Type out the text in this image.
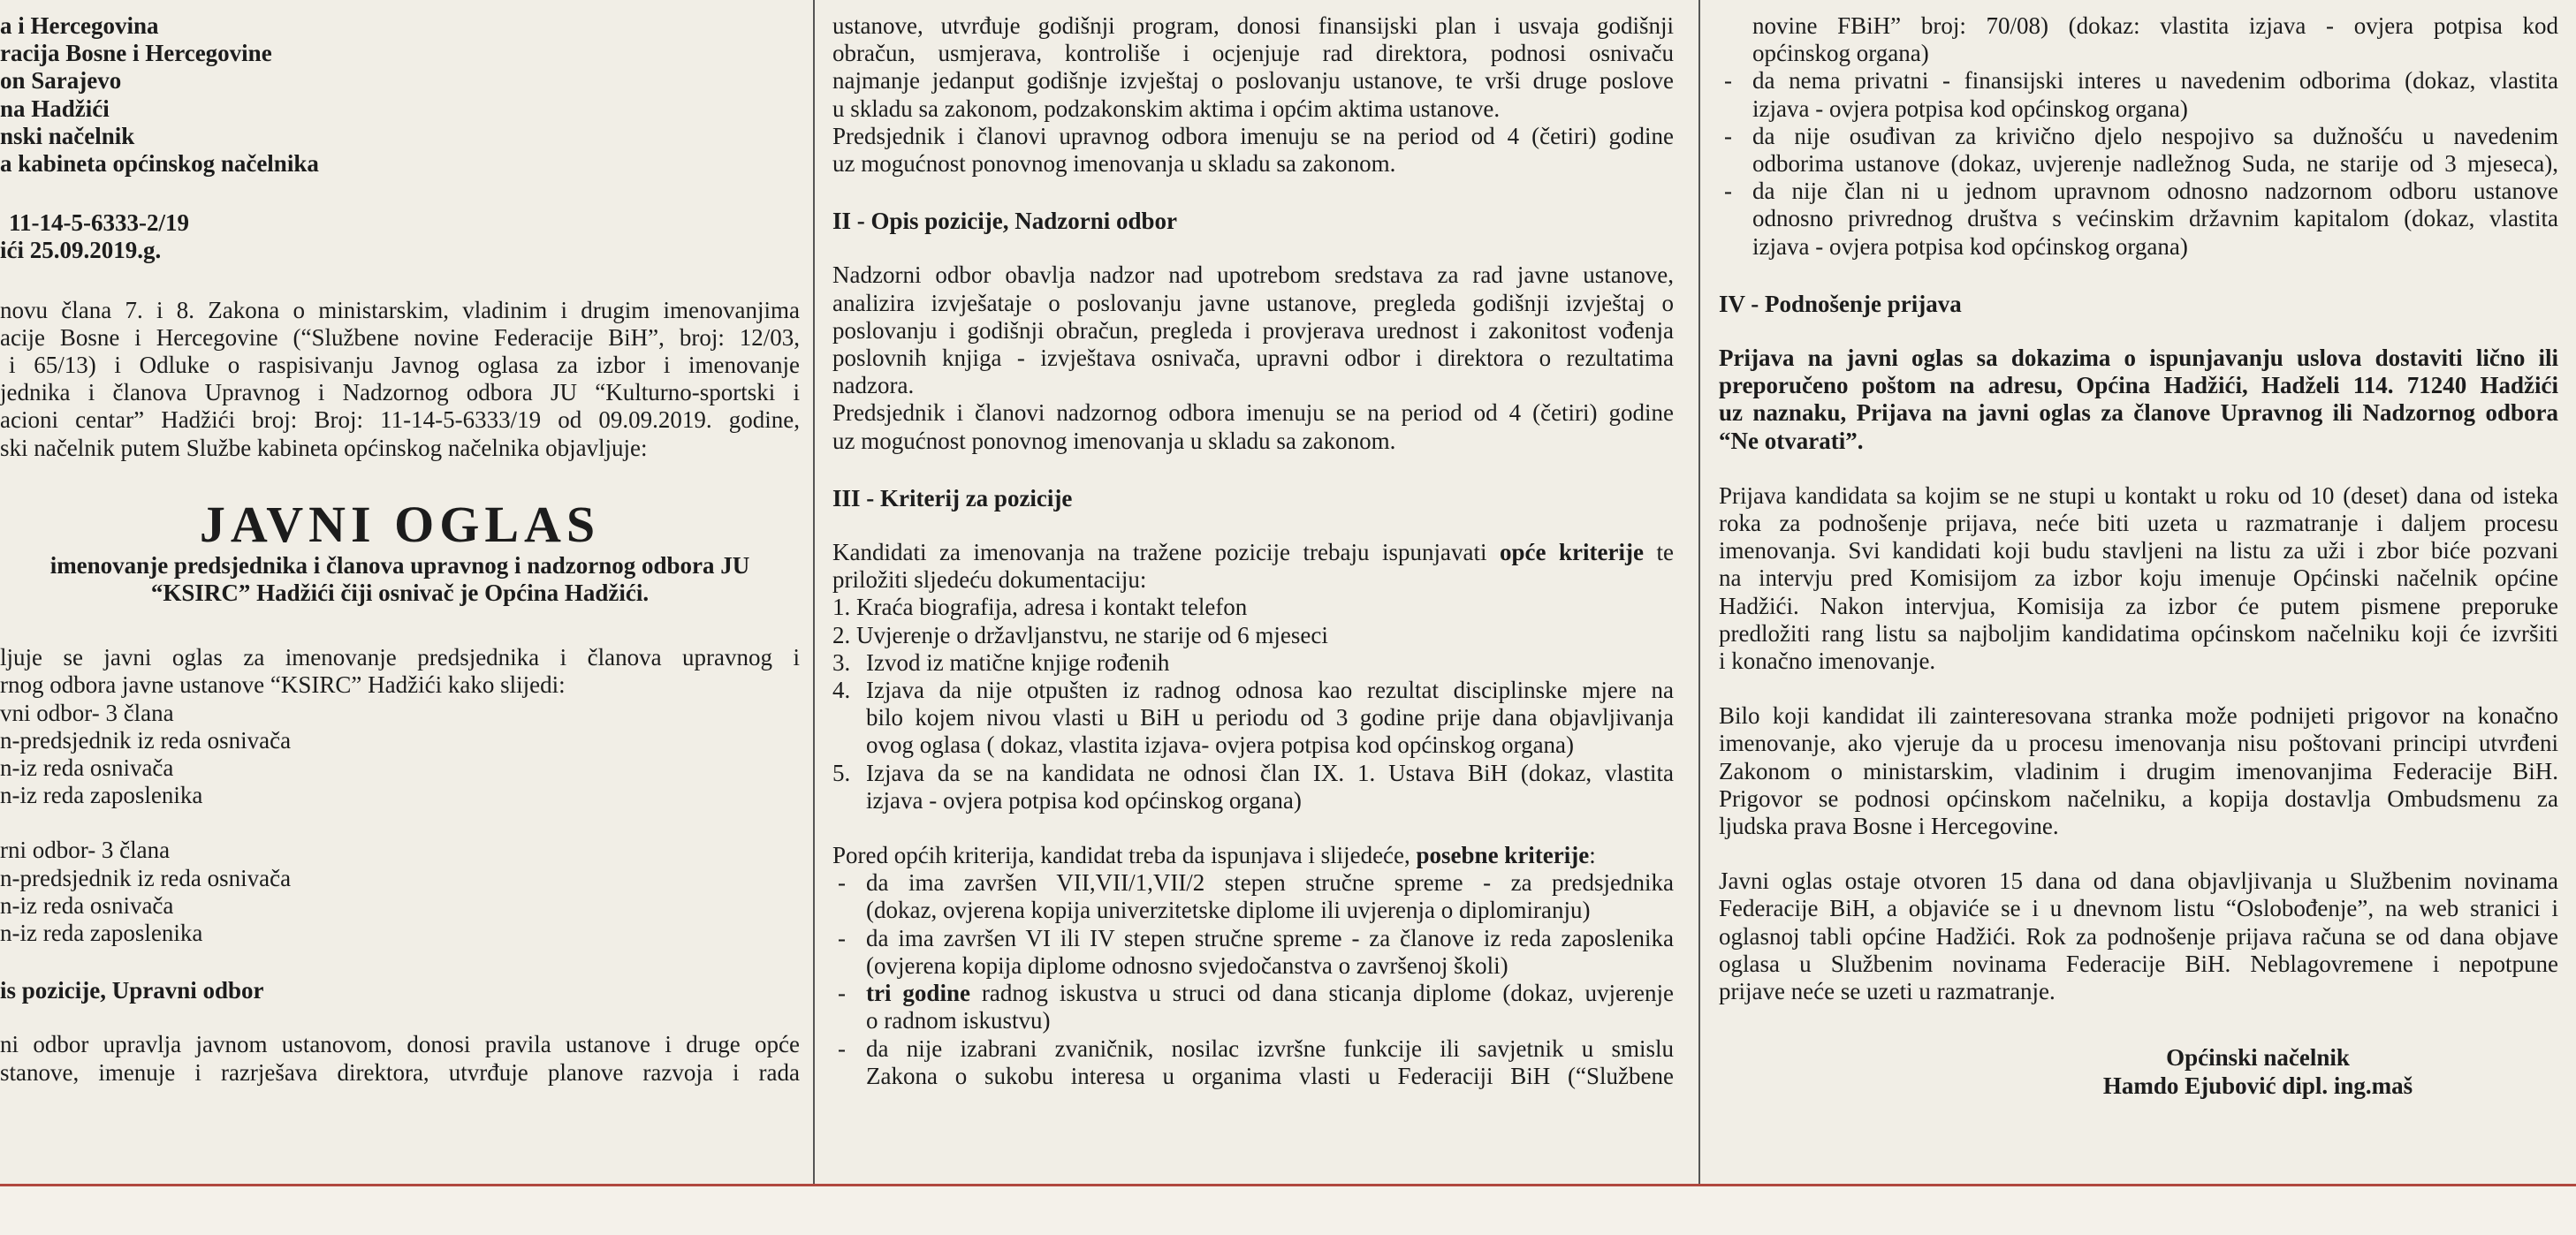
a i Hercegovina

racija Bosne i Hercegovine

on Sarajevo

na Hadžići

nski načelnik

a kabineta općinskog načelnika

11-14-5-6333-2/19

ići 25.09.2019.g.

novu člana 7. i 8. Zakona o ministarskim, vladinim i drugim imenovanjima

acije Bosne i Hercegovine (“Službene novine Federacije BiH”, broj: 12/03,

i 65/13) i Odluke o raspisivanju Javnog oglasa za izbor i imenovanje

jednika i članova Upravnog i Nadzornog odbora JU “Kulturno-sportski i

acioni centar” Hadžići broj: Broj: 11-14-5-6333/19 od 09.09.2019. godine,

ski načelnik putem Službe kabineta općinskog načelnika objavljuje:

JAVNI OGLAS

imenovanje predsjednika i članova upravnog i nadzornog odbora JU

“KSIRC” Hadžići čiji osnivač je Općina Hadžići.

ljuje se javni oglas za imenovanje predsjednika i članova upravnog i

rnog odbora javne ustanove “KSIRC” Hadžići kako slijedi:

vni odbor- 3 člana

n-predsjednik iz reda osnivača

n-iz reda osnivača

n-iz reda zaposlenika

rni odbor- 3 člana

n-predsjednik iz reda osnivača

n-iz reda osnivača

n-iz reda zaposlenika

is pozicije, Upravni odbor

ni odbor upravlja javnom ustanovom, donosi pravila ustanove i druge opće

stanove, imenuje i razrješava direktora, utvrđuje planove razvoja i rada

ustanove, utvrđuje godišnji program, donosi finansijski plan i usvaja godišnji

obračun, usmjerava, kontroliše i ocjenjuje rad direktora, podnosi osnivaču

najmanje jedanput godišnje izvještaj o poslovanju ustanove, te vrši druge poslove

u skladu sa zakonom, podzakonskim aktima i općim aktima ustanove.

Predsjednik i članovi upravnog odbora imenuju se na period od 4 (četiri) godine

uz mogućnost ponovnog imenovanja u skladu sa zakonom.

II - Opis pozicije, Nadzorni odbor

Nadzorni odbor obavlja nadzor nad upotrebom sredstava za rad javne ustanove,

analizira izvješataje o poslovanju javne ustanove, pregleda godišnji izvještaj o

poslovanju i godišnji obračun, pregleda i provjerava urednost i zakonitost vođenja

poslovnih knjiga - izvještava osnivača, upravni odbor i direktora o rezultatima

nadzora.

Predsjednik i članovi nadzornog odbora imenuju se na period od 4 (četiri) godine

uz mogućnost ponovnog imenovanja u skladu sa zakonom.

III - Kriterij za pozicije

Kandidati za imenovanja na tražene pozicije trebaju ispunjavati opće kriterije te

priložiti sljedeću dokumentaciju:

1. Kraća biografija, adresa i kontakt telefon

2. Uvjerenje o državljanstvu, ne starije od 6 mjeseci

3. Izvod iz matične knjige rođenih

4. Izjava da nije otpušten iz radnog odnosa kao rezultat disciplinske mjere na

bilo kojem nivou vlasti u BiH u periodu od 3 godine prije dana objavljivanja

ovog oglasa ( dokaz, vlastita izjava- ovjera potpisa kod općinskog organa)

5. Izjava da se na kandidata ne odnosi član IX. 1. Ustava BiH (dokaz, vlastita

izjava - ovjera potpisa kod općinskog organa)

Pored općih kriterija, kandidat treba da ispunjava i slijedeće, posebne kriterije:

- da ima završen VII,VII/1,VII/2 stepen stručne spreme - za predsjednika

(dokaz, ovjerena kopija univerzitetske diplome ili uvjerenja o diplomiranju)

- da ima završen VI ili IV stepen stručne spreme - za članove iz reda zaposlenika

(ovjerena kopija diplome odnosno svjedočanstva o završenoj školi)

- tri godine radnog iskustva u struci od dana sticanja diplome (dokaz, uvjerenje

o radnom iskustvu)

- da nije izabrani zvaničnik, nosilac izvršne funkcije ili savjetnik u smislu

Zakona o sukobu interesa u organima vlasti u Federaciji BiH (“Službene

novine FBiH” broj: 70/08) (dokaz: vlastita izjava - ovjera potpisa kod

općinskog organa)

- da nema privatni - finansijski interes u navedenim odborima (dokaz, vlastita

izjava - ovjera potpisa kod općinskog organa)

- da nije osuđivan za krivično djelo nespojivo sa dužnošću u navedenim

odborima ustanove (dokaz, uvjerenje nadležnog Suda, ne starije od 3 mjeseca),

- da nije član ni u jednom upravnom odnosno nadzornom odboru ustanove

odnosno privrednog društva s većinskim državnim kapitalom (dokaz, vlastita

izjava - ovjera potpisa kod općinskog organa)

IV - Podnošenje prijava

Prijava na javni oglas sa dokazima o ispunjavanju uslova dostaviti lično ili

preporučeno poštom na adresu, Općina Hadžići, Hadželi 114. 71240 Hadžići

uz naznaku, Prijava na javni oglas za članove Upravnog ili Nadzornog odbora

“Ne otvarati”.

Prijava kandidata sa kojim se ne stupi u kontakt u roku od 10 (deset) dana od isteka

roka za podnošenje prijava, neće biti uzeta u razmatranje i daljem procesu

imenovanja. Svi kandidati koji budu stavljeni na listu za uži i zbor biće pozvani

na intervju pred Komisijom za izbor koju imenuje Općinski načelnik općine

Hadžići. Nakon intervjua, Komisija za izbor će putem pismene preporuke

predložiti rang listu sa najboljim kandidatima općinskom načelniku koji će izvršiti

i konačno imenovanje.

Bilo koji kandidat ili zainteresovana stranka može podnijeti prigovor na konačno

imenovanje, ako vjeruje da u procesu imenovanja nisu poštovani principi utvrđeni

Zakonom o ministarskim, vladinim i drugim imenovanjima Federacije BiH.

Prigovor se podnosi općinskom načelniku, a kopija dostavlja Ombudsmenu za

ljudska prava Bosne i Hercegovine.

Javni oglas ostaje otvoren 15 dana od dana objavljivanja u Službenim novinama

Federacije BiH, a objaviće se i u dnevnom listu “Oslobođenje”, na web stranici i

oglasnoj tabli općine Hadžići. Rok za podnošenje prijava računa se od dana objave

oglasa u Službenim novinama Federacije BiH. Neblagovremene i nepotpune

prijave neće se uzeti u razmatranje.

Općinski načelnik

Hamdo Ejubović dipl. ing.maš
